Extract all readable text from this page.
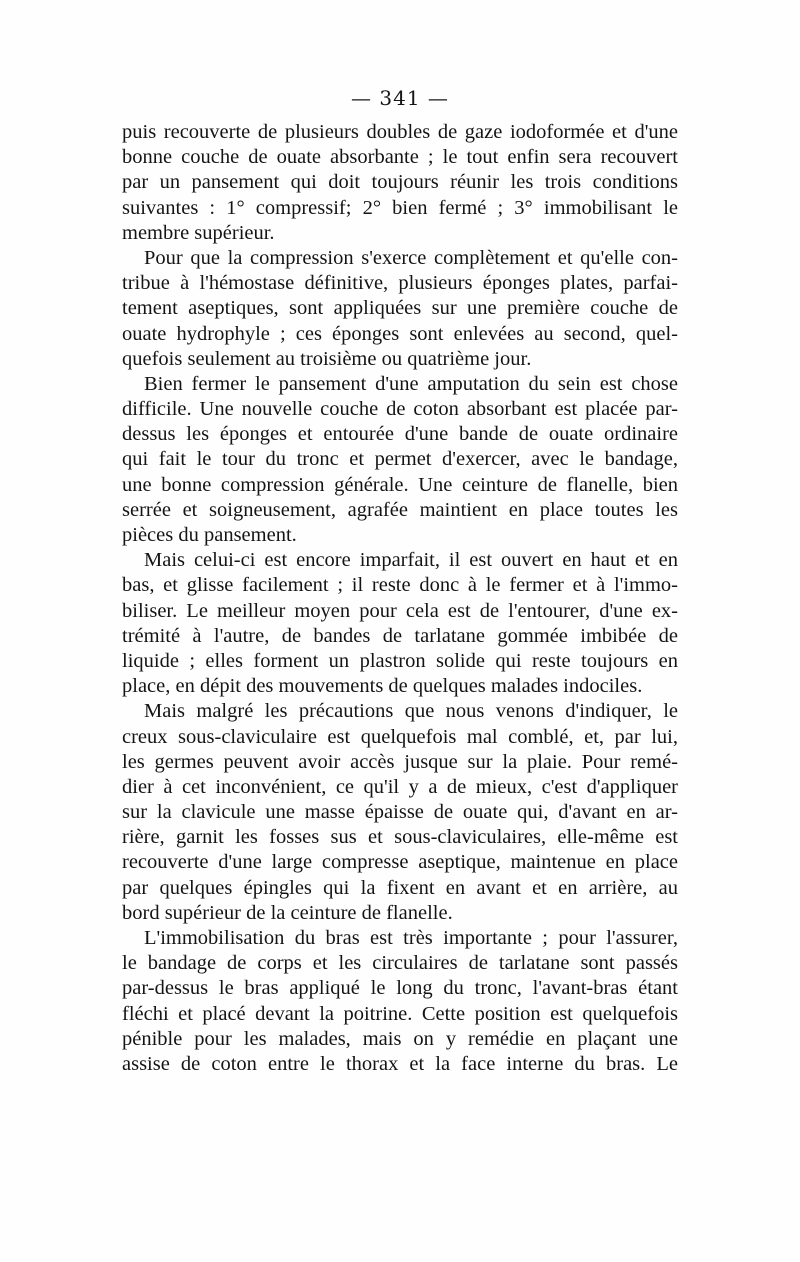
— 341 —
puis recouverte de plusieurs doubles de gaze iodoformée et d'une
bonne couche de ouate absorbante ; le tout enfin sera recouvert
par un pansement qui doit toujours réunir les trois conditions
suivantes : 1° compressif; 2° bien fermé ; 3° immobilisant le
membre supérieur.
Pour que la compression s'exerce complètement et qu'elle con-
tribue à l'hémostase définitive, plusieurs éponges plates, parfai-
tement aseptiques, sont appliquées sur une première couche de
ouate hydrophyle ; ces éponges sont enlevées au second, quel-
quefois seulement au troisième ou quatrième jour.
Bien fermer le pansement d'une amputation du sein est chose
difficile. Une nouvelle couche de coton absorbant est placée par-
dessus les éponges et entourée d'une bande de ouate ordinaire
qui fait le tour du tronc et permet d'exercer, avec le bandage,
une bonne compression générale. Une ceinture de flanelle, bien
serrée et soigneusement, agrafée maintient en place toutes les
pièces du pansement.
Mais celui-ci est encore imparfait, il est ouvert en haut et en
bas, et glisse facilement ; il reste donc à le fermer et à l'immo-
biliser. Le meilleur moyen pour cela est de l'entourer, d'une ex-
trémité à l'autre, de bandes de tarlatane gommée imbibée de
liquide ; elles forment un plastron solide qui reste toujours en
place, en dépit des mouvements de quelques malades indociles.
Mais malgré les précautions que nous venons d'indiquer, le
creux sous-claviculaire est quelquefois mal comblé, et, par lui,
les germes peuvent avoir accès jusque sur la plaie. Pour remé-
dier à cet inconvénient, ce qu'il y a de mieux, c'est d'appliquer
sur la clavicule une masse épaisse de ouate qui, d'avant en ar-
rière, garnit les fosses sus et sous-claviculaires, elle-même est
recouverte d'une large compresse aseptique, maintenue en place
par quelques épingles qui la fixent en avant et en arrière, au
bord supérieur de la ceinture de flanelle.
L'immobilisation du bras est très importante ; pour l'assurer,
le bandage de corps et les circulaires de tarlatane sont passés
par-dessus le bras appliqué le long du tronc, l'avant-bras étant
fléchi et placé devant la poitrine. Cette position est quelquefois
pénible pour les malades, mais on y remédie en plaçant une
assise de coton entre le thorax et la face interne du bras. Le
